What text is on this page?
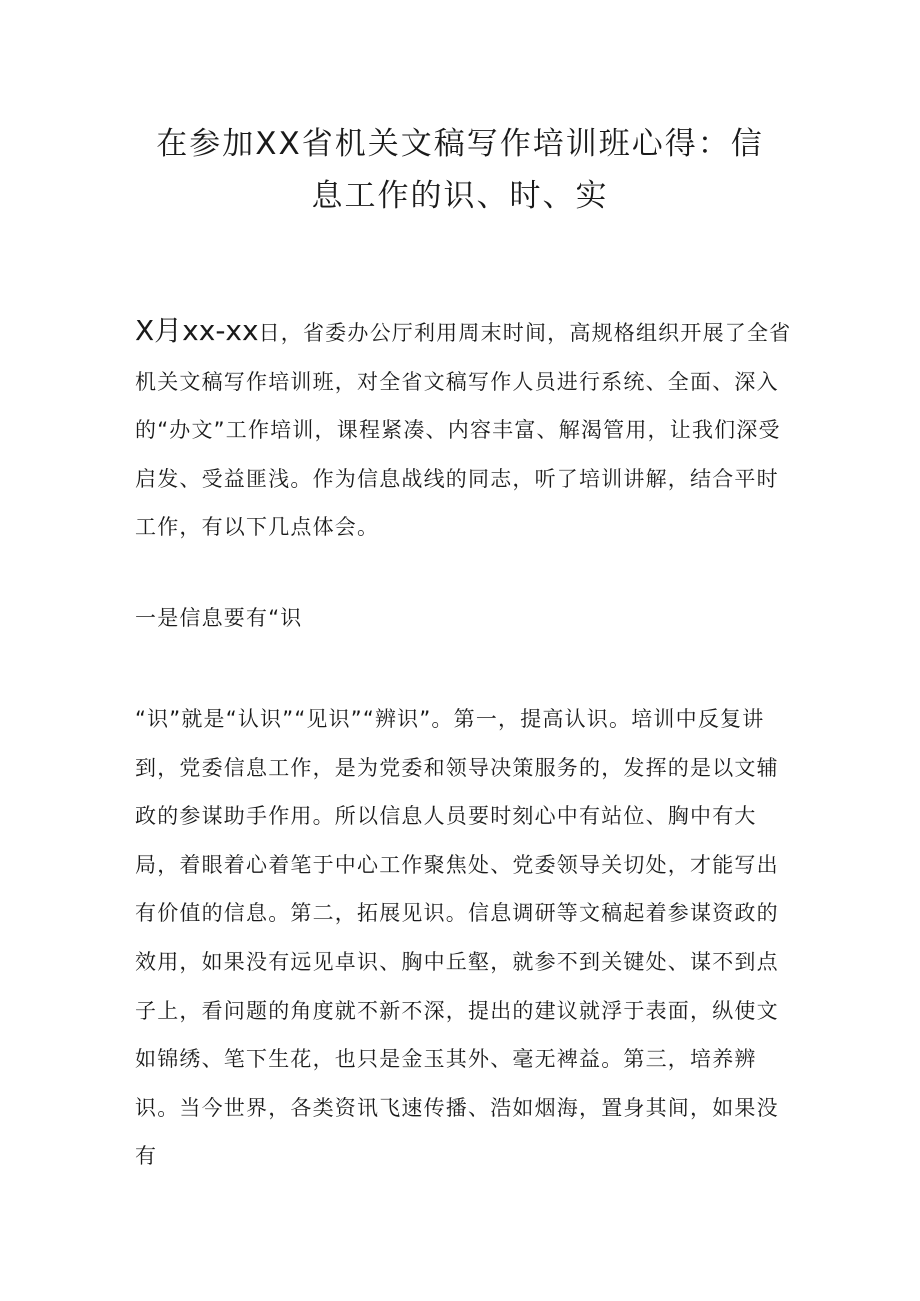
在参加XX省机关文稿写作培训班心得：信
息工作的识、时、实

X月xx-xx日，省委办公厅利用周末时间，高规格组织开展了全省机关文稿写作培训班，对全省文稿写作人员进行系统、全面、深入的“办文”工作培训，课程紧凑、内容丰富、解渴管用，让我们深受启发、受益匪浅。作为信息战线的同志，听了培训讲解，结合平时工作，有以下几点体会。

一是信息要有“识

“识”就是“认识”“见识”“辨识”。第一，提高认识。培训中反复讲到，党委信息工作，是为党委和领导决策服务的，发挥的是以文辅政的参谋助手作用。所以信息人员要时刻心中有站位、胸中有大局，着眼着心着笔于中心工作聚焦处、党委领导关切处，才能写出有价值的信息。第二，拓展见识。信息调研等文稿起着参谋资政的效用，如果没有远见卓识、胸中丘壑，就参不到关键处、谋不到点子上，看问题的角度就不新不深，提出的建议就浮于表面，纵使文如锦绣、笔下生花，也只是金玉其外、毫无裨益。第三，培养辨识。当今世界，各类资讯飞速传播、浩如烟海，置身其间，如果没有
